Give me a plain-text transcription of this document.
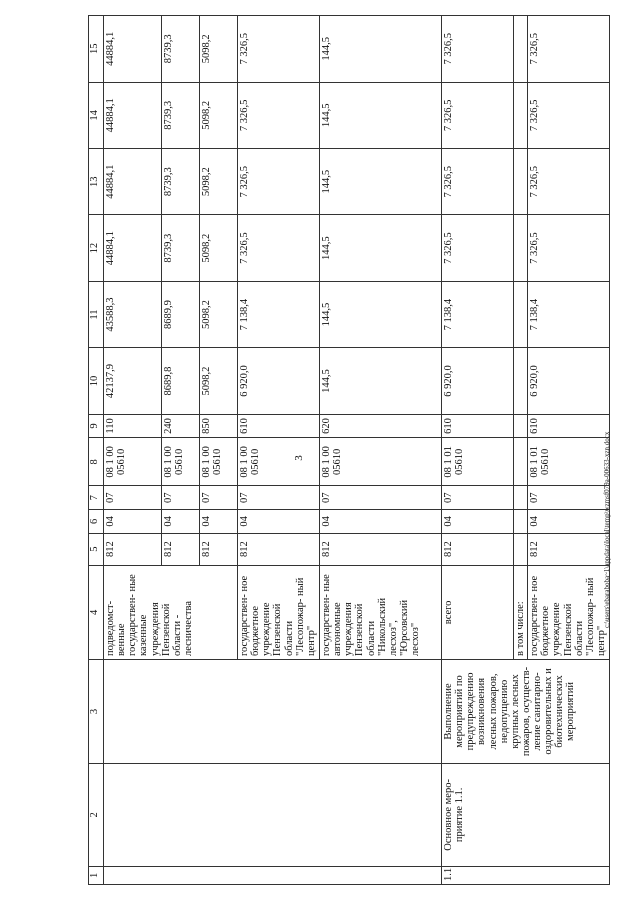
3	c:\users\ebaraboba~1\appdata\local\temp\wzmsf079a-00633-xzn.docx
1	2	3	4	5	6	7	8	9	10	11	12	13	14	15
			подведомст- венные государствен- ные казенные учреждения Пензенской области - лесничества	812	04	07	08 1 00 05610	110	42137,9	43588,3	44884,1	44884,1	44884,1	44884,1
				812	04	07	08 1 00 05610	240	8689,8	8689,9	8739,3	8739,3	8739,3	8739,3
				812	04	07	08 1 00 05610	850	5098,2	5098,2	5098,2	5098,2	5098,2	5098,2
			государствен- ное бюджетное учреждение Пензенской области "Лесопожар- ный центр"	812	04	07	08 1 00 05610	610	6 920,0	7 138,4	7 326,5	7 326,5	7 326,5	7 326,5
			государствен- ные автономные учреждения Пензенской области "Никольский лесхоз", "Юрсовский лесхоз"	812	04	07	08 1 00 05610	620	144,5	144,5	144,5	144,5	144,5	144,5
1.1	Основное меро- приятие 1.1.	Выполнение мероприятий по предупреждению возникновения лесных пожаров, недопущению крупных лесных пожаров, осуществ- ление санитарно- оздоровительных и биотехнических мероприятий	всего	812	04	07	08 1 01 05610	610	6 920,0	7 138,4	7 326,5	7 326,5	7 326,5	7 326,5
			в том числе:											
			государствен- ное бюджетное учреждение Пензенской области "Лесопожар- ный центр"	812	04	07	08 1 01 05610	610	6 920,0	7 138,4	7 326,5	7 326,5	7 326,5	7 326,5
